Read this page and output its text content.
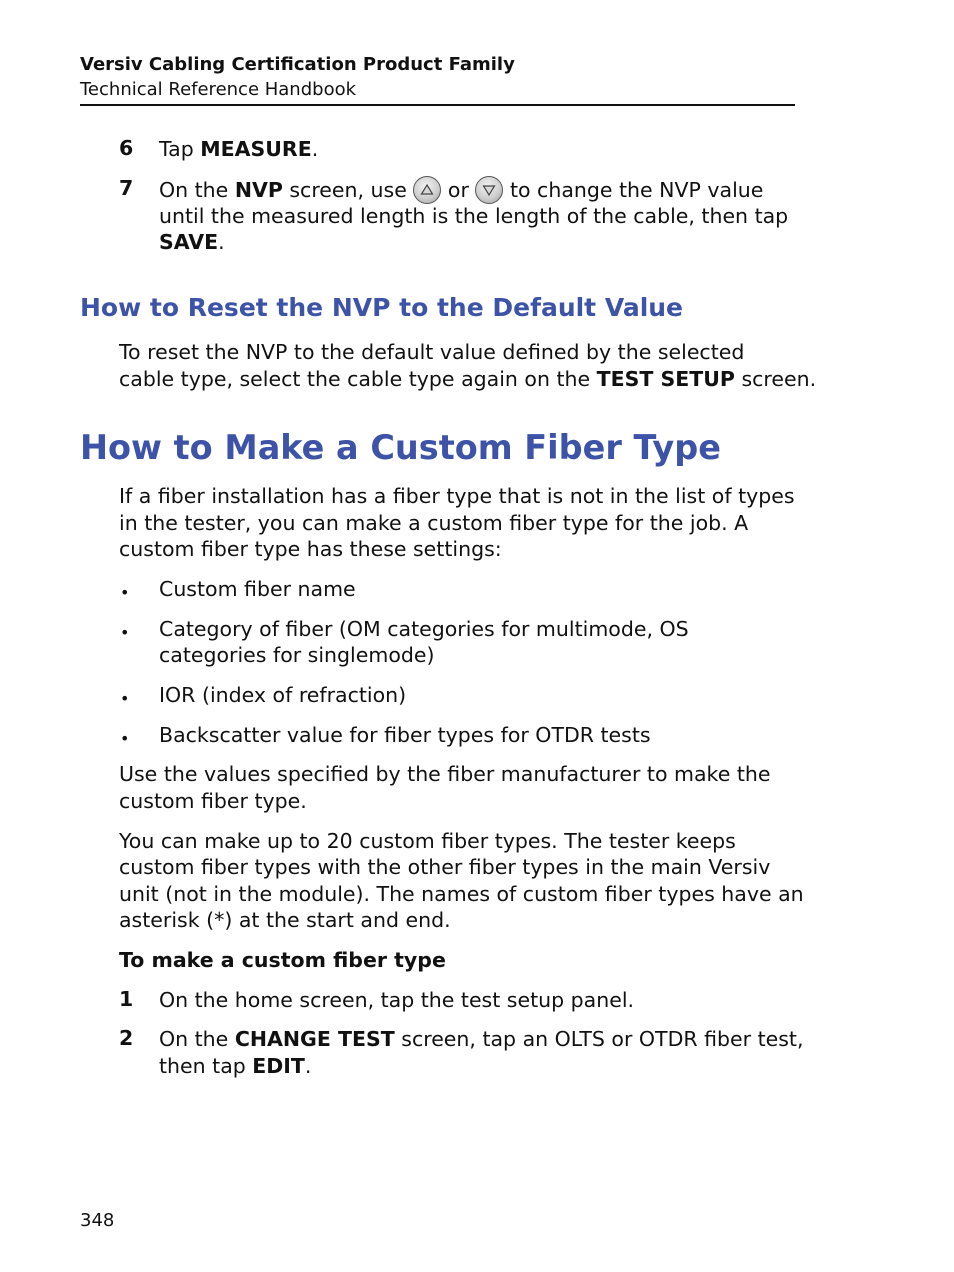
Versiv Cabling Certification Product Family
Technical Reference Handbook
6 Tap MEASURE.
7 On the NVP screen, use or to change the NVP value
until the measured length is the length of the cable, then tap
SAVE.
How to Reset the NVP to the Default Value
To reset the NVP to the default value defined by the selected
cable type, select the cable type again on the TEST SETUP screen.
How to Make a Custom Fiber Type
If a fiber installation has a fiber type that is not in the list of types
in the tester, you can make a custom fiber type for the job. A
custom fiber type has these settings:
• Custom fiber name
• Category of fiber (OM categories for multimode, OS
categories for singlemode)
• IOR (index of refraction)
• Backscatter value for fiber types for OTDR tests
Use the values specified by the fiber manufacturer to make the
custom fiber type.
You can make up to 20 custom fiber types. The tester keeps
custom fiber types with the other fiber types in the main Versiv
unit (not in the module). The names of custom fiber types have an
asterisk (*) at the start and end.
To make a custom fiber type
1 On the home screen, tap the test setup panel.
2 On the CHANGE TEST screen, tap an OLTS or OTDR fiber test,
then tap EDIT.
348
